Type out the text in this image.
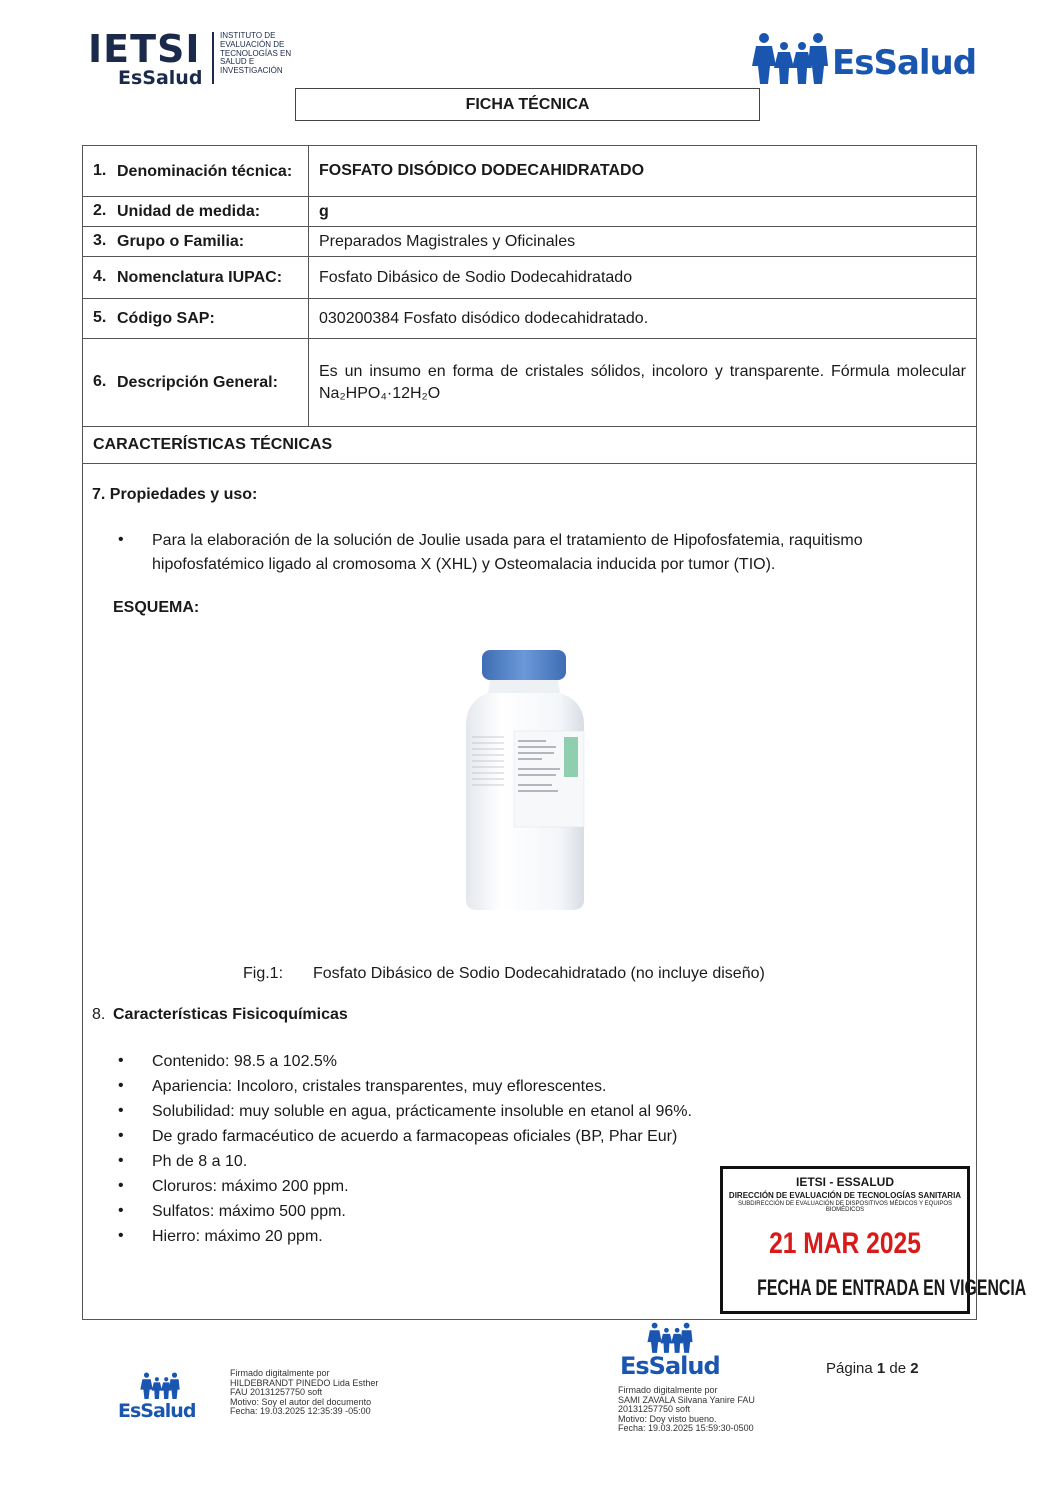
IETSI
EsSalud
INSTITUTO DE
EVALUACIÓN DE
TECNOLOGÍAS EN
SALUD E
INVESTIGACIÓN	EsSalud
FICHA TÉCNICA
1. Denominación técnica:	FOSFATO DISÓDICO DODECAHIDRATADO

2. Unidad de medida:	g

3. Grupo o Familia:	Preparados Magistrales y Oficinales

4. Nomenclatura IUPAC:	Fosfato Dibásico de Sodio Dodecahidratado

5. Código SAP:	030200384 Fosfato disódico dodecahidratado.

6. Descripción General:	Es un insumo en forma de cristales sólidos, incoloro y transparente. Fórmula molecular Na₂HPO₄·12H₂O
CARACTERÍSTICAS TÉCNICAS	
7. Propiedades y uso:
• Para la elaboración de la solución de Joulie usada para el tratamiento de Hipofosfatemia, raquitismo
hipofosfatémico ligado al cromosoma X (XHL) y Osteomalacia inducida por tumor (TIO).
ESQUEMA:
Fig.1: Fosfato Dibásico de Sodio Dodecahidratado (no incluye diseño)
8. Características Fisicoquímicas
• Contenido: 98.5 a 102.5%
• Apariencia: Incoloro, cristales transparentes, muy eflorescentes.
• Solubilidad: muy soluble en agua, prácticamente insoluble en etanol al 96%.
• De grado farmacéutico de acuerdo a farmacopeas oficiales (BP, Phar Eur)
• Ph de 8 a 10.
• Cloruros: máximo 200 ppm.
• Sulfatos: máximo 500 ppm.
• Hierro: máximo 20 ppm.
IETSI - ESSALUD
DIRECCIÓN DE EVALUACIÓN DE TECNOLOGÍAS SANITARIA
SUBDIRECCIÓN DE EVALUACIÓN DE DISPOSITIVOS MÉDICOS Y EQUIPOS BIOMÉDICOS
21 MAR 2025
FECHA DE ENTRADA EN VIGENCIA
EsSalud
Firmado digitalmente por
HILDEBRANDT PINEDO Lida Esther
FAU 20131257750 soft
Motivo: Soy el autor del documento
Fecha: 19.03.2025 12:35:39 -05:00
EsSalud
Firmado digitalmente por
SAMI ZAVALA Silvana Yanire FAU
20131257750 soft
Motivo: Doy visto bueno.
Fecha: 19.03.2025 15:59:30-0500
Página 1 de 2
